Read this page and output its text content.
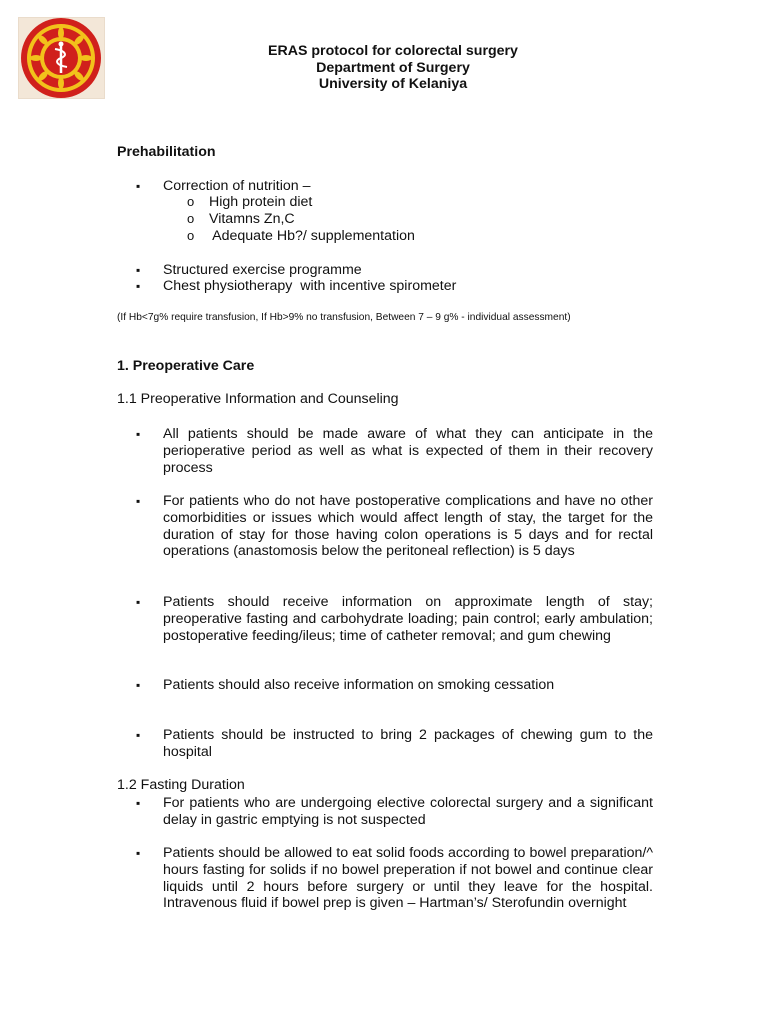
ERAS protocol for colorectal surgery
Department of Surgery
University of Kelaniya
Prehabilitation
▪ Correction of nutrition –
o High protein diet
o Vitamns Zn,C
o  Adequate Hb?/ supplementation
▪ Structured exercise programme
▪ Chest physiotherapy  with incentive spirometer
(If Hb<7g% require transfusion, If Hb>9% no transfusion, Between 7 – 9 g% - individual assessment)
1. Preoperative Care
1.1 Preoperative Information and Counseling
▪ All patients should be made aware of what they can anticipate in the perioperative period as well as what is expected of them in their recovery process
▪ For patients who do not have postoperative complications and have no other comorbidities or issues which would affect length of stay, the target for the duration of stay for those having colon operations is 5 days and for rectal operations (anastomosis below the peritoneal reflection) is 5 days
▪ Patients should receive information on approximate length of stay; preoperative fasting and carbohydrate loading; pain control; early ambulation; postoperative feeding/ileus; time of catheter removal; and gum chewing
▪ Patients should also receive information on smoking cessation
▪ Patients should be instructed to bring 2 packages of chewing gum to the hospital
1.2 Fasting Duration
▪ For patients who are undergoing elective colorectal surgery and a significant delay in gastric emptying is not suspected
▪ Patients should be allowed to eat solid foods according to bowel preparation/^ hours fasting for solids if no bowel preperation if not bowel and continue clear liquids until 2 hours before surgery or until they leave for the hospital. Intravenous fluid if bowel prep is given – Hartman’s/ Sterofundin overnight
